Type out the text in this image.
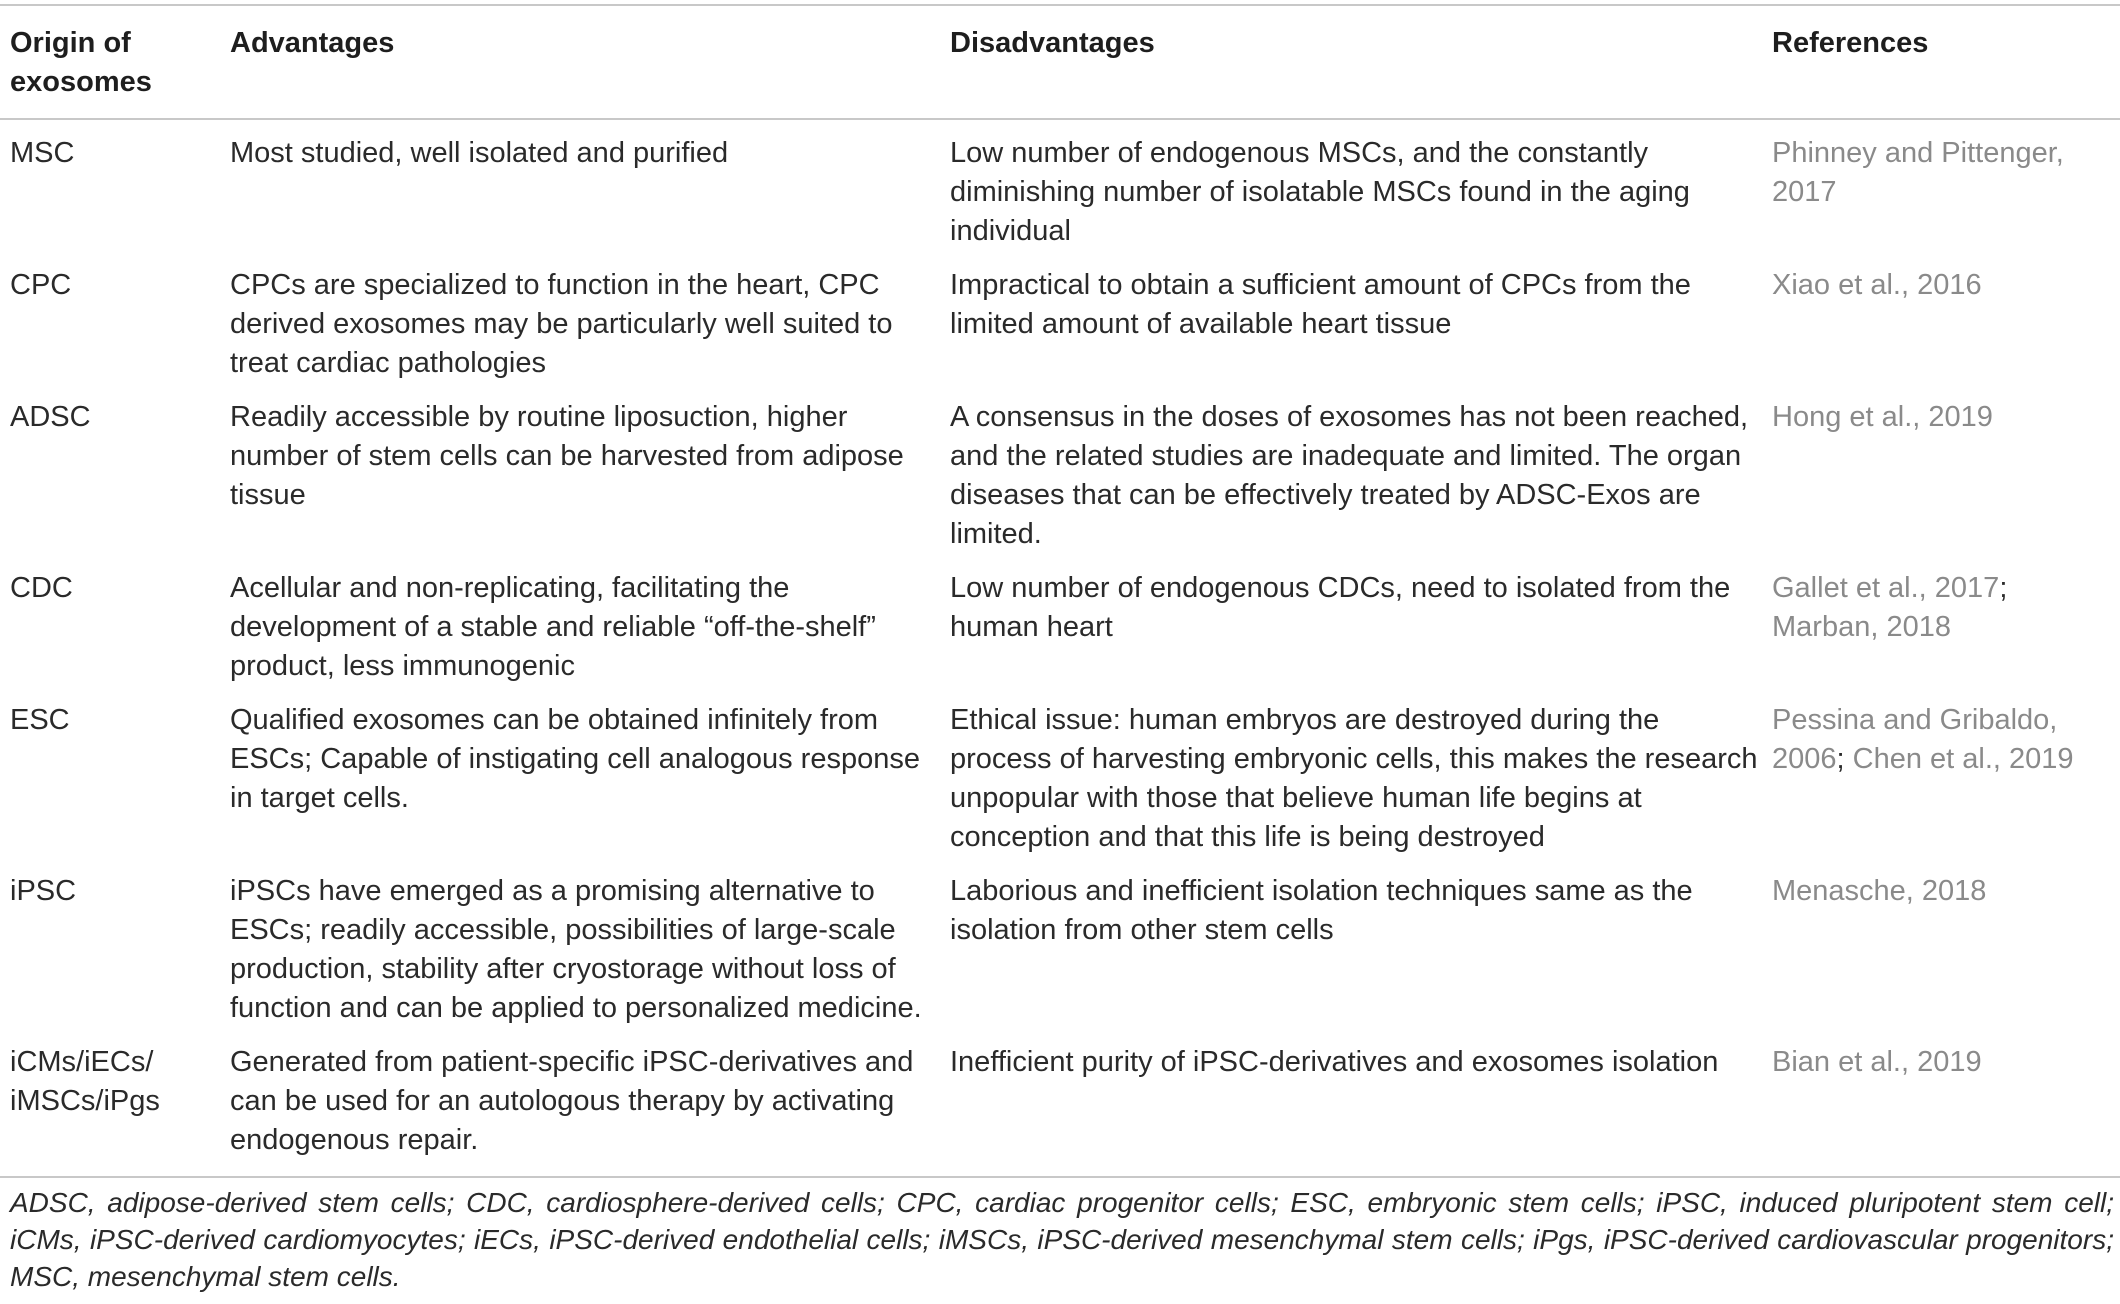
Origin of exosomes	Advantages	Disadvantages	References
MSC	Most studied, well isolated and purified	Low number of endogenous MSCs, and the constantly diminishing number of isolatable MSCs found in the aging individual	Phinney and Pittenger, 2017
CPC	CPCs are specialized to function in the heart, CPC derived exosomes may be particularly well suited to treat cardiac pathologies	Impractical to obtain a sufficient amount of CPCs from the limited amount of available heart tissue	Xiao et al., 2016
ADSC	Readily accessible by routine liposuction, higher number of stem cells can be harvested from adipose tissue	A consensus in the doses of exosomes has not been reached, and the related studies are inadequate and limited. The organ diseases that can be effectively treated by ADSC-Exos are limited.	Hong et al., 2019
CDC	Acellular and non-replicating, facilitating the development of a stable and reliable “off-the-shelf” product, less immunogenic	Low number of endogenous CDCs, need to isolated from the human heart	Gallet et al., 2017; Marban, 2018
ESC	Qualified exosomes can be obtained infinitely from ESCs; Capable of instigating cell analogous response in target cells.	Ethical issue: human embryos are destroyed during the process of harvesting embryonic cells, this makes the research unpopular with those that believe human life begins at conception and that this life is being destroyed	Pessina and Gribaldo, 2006; Chen et al., 2019
iPSC	iPSCs have emerged as a promising alternative to ESCs; readily accessible, possibilities of large-scale production, stability after cryostorage without loss of function and can be applied to personalized medicine.	Laborious and inefficient isolation techniques same as the isolation from other stem cells	Menasche, 2018
iCMs/iECs/ iMSCs/iPgs	Generated from patient-specific iPSC-derivatives and can be used for an autologous therapy by activating endogenous repair.	Inefficient purity of iPSC-derivatives and exosomes isolation	Bian et al., 2019
ADSC, adipose-derived stem cells; CDC, cardiosphere-derived cells; CPC, cardiac progenitor cells; ESC, embryonic stem cells; iPSC, induced pluripotent stem cell; iCMs, iPSC-derived cardiomyocytes; iECs, iPSC-derived endothelial cells; iMSCs, iPSC-derived mesenchymal stem cells; iPgs, iPSC-derived cardiovascular progenitors; MSC, mesenchymal stem cells.
